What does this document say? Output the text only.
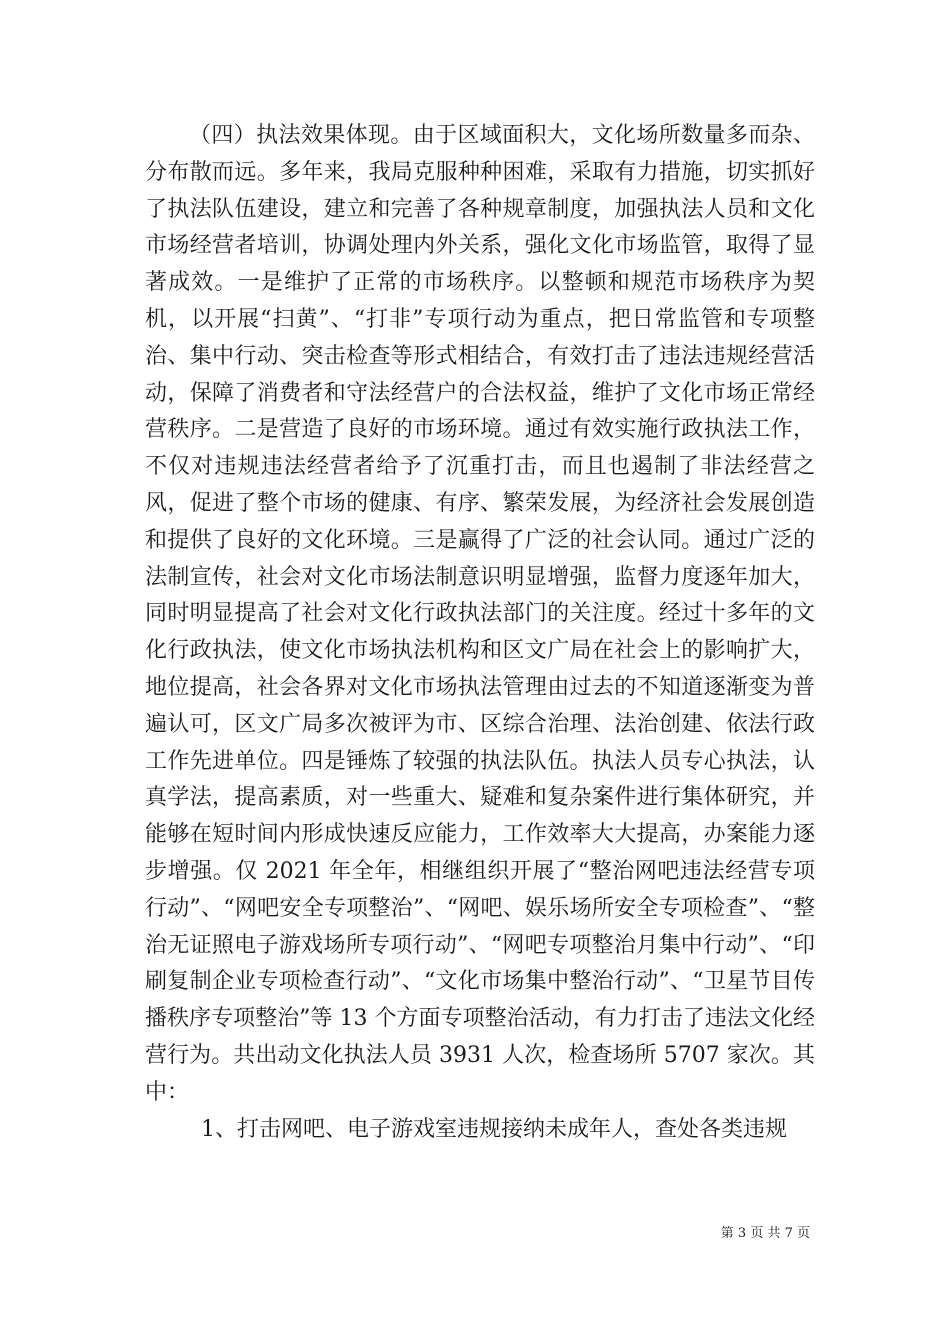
（四）执法效果体现。由于区域面积大，文化场所数量多而杂、分布散而远。多年来，我局克服种种困难，采取有力措施，切实抓好了执法队伍建设，建立和完善了各种规章制度，加强执法人员和文化市场经营者培训，协调处理内外关系，强化文化市场监管，取得了显著成效。一是维护了正常的市场秩序。以整顿和规范市场秩序为契机，以开展“扫黄”、“打非”专项行动为重点，把日常监管和专项整治、集中行动、突击检查等形式相结合，有效打击了违法违规经营活动，保障了消费者和守法经营户的合法权益，维护了文化市场正常经营秩序。二是营造了良好的市场环境。通过有效实施行政执法工作，不仅对违规违法经营者给予了沉重打击，而且也遏制了非法经营之风，促进了整个市场的健康、有序、繁荣发展，为经济社会发展创造和提供了良好的文化环境。三是赢得了广泛的社会认同。通过广泛的法制宣传，社会对文化市场法制意识明显增强，监督力度逐年加大，同时明显提高了社会对文化行政执法部门的关注度。经过十多年的文化行政执法，使文化市场执法机构和区文广局在社会上的影响扩大，地位提高，社会各界对文化市场执法管理由过去的不知道逐渐变为普遍认可，区文广局多次被评为市、区综合治理、法治创建、依法行政工作先进单位。四是锤炼了较强的执法队伍。执法人员专心执法，认真学法，提高素质，对一些重大、疑难和复杂案件进行集体研究，并能够在短时间内形成快速反应能力，工作效率大大提高，办案能力逐步增强。仅 2021 年全年，相继组织开展了“整治网吧违法经营专项行动”、“网吧安全专项整治”、“网吧、娱乐场所安全专项检查”、“整治无证照电子游戏场所专项行动”、“网吧专项整治月集中行动”、“印刷复制企业专项检查行动”、“文化市场集中整治行动”、“卫星节目传播秩序专项整治”等 13 个方面专项整治活动，有力打击了违法文化经营行为。共出动文化执法人员 3931 人次，检查场所 5707 家次。其中：

1、打击网吧、电子游戏室违规接纳未成年人，查处各类违规

第 3 页 共 7 页
